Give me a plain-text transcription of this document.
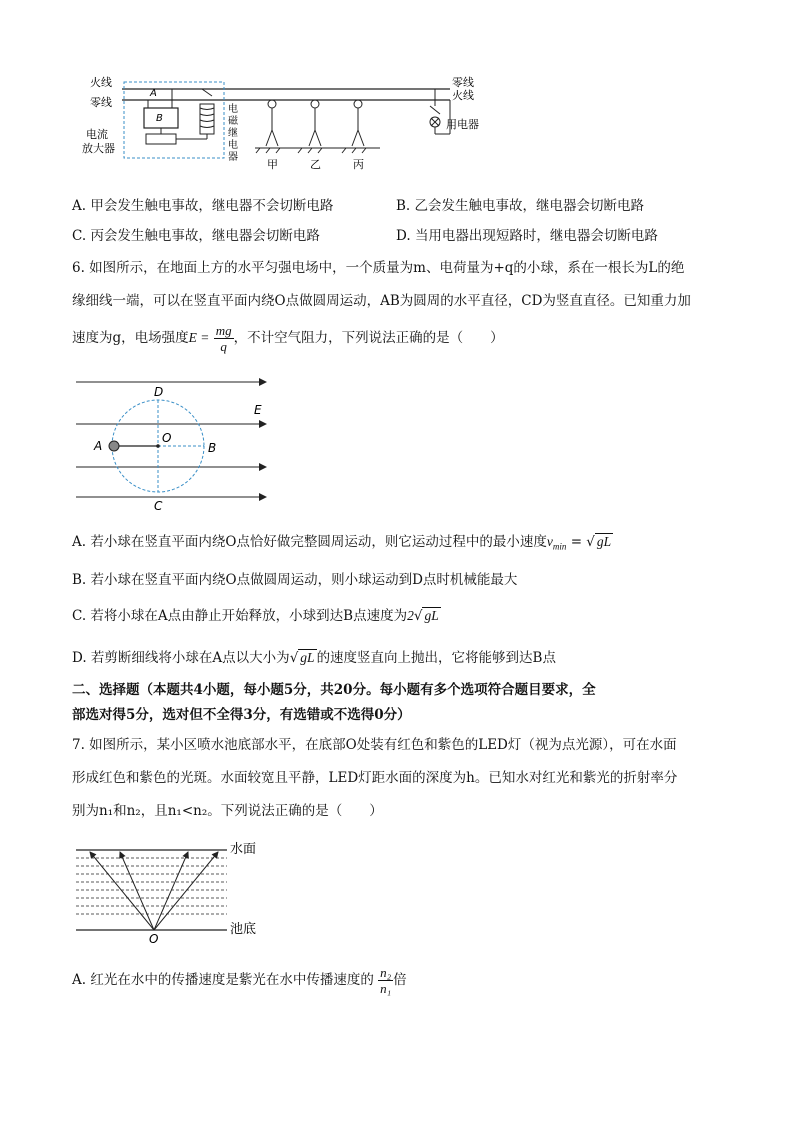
火线
零线
A
B
电流
放大器
电
磁
继
电
器
甲	乙	丙
零线
火线
用电器
A. 甲会发生触电事故，继电器不会切断电路	B. 乙会发生触电事故，继电器会切断电路
C. 丙会发生触电事故，继电器会切断电路	D. 当用电器出现短路时，继电器会切断电路
6. 如图所示，在地面上方的水平匀强电场中，一个质量为m、电荷量为+q的小球，系在一根长为L的绝
缘细线一端，可以在竖直平面内绕O点做圆周运动，AB为圆周的水平直径，CD为竖直直径。已知重力加
速度为g，电场强度$E = \frac{mg}{q}$ ，不计空气阻力，下列说法正确的是（　　）
D
E
A
O
B
C
A. 若小球在竖直平面内绕O点恰好做完整圆周运动，则它运动过程中的最小速度$v_{min}$ = √ gL
B. 若小球在竖直平面内绕O点做圆周运动，则小球运动到D点时机械能最大
C. 若将小球在A点由静止开始释放，小球到达B点速度为2√ gL
D. 若剪断细线将小球在A点以大小为√ gL 的速度竖直向上抛出，它将能够到达B点
二、选择题（本题共4小题，每小题5分，共20分。每小题有多个选项符合题目要求，全
部选对得5分，选对但不全得3分，有选错或不选得0分）
7. 如图所示，某小区喷水池底部水平，在底部O处装有红色和紫色的LED灯（视为点光源），可在水面
形成红色和紫色的光斑。水面较宽且平静，LED灯距水面的深度为h。已知水对红光和紫光的折射率分
别为n₁和n₂，且n₁<n₂。下列说法正确的是（　　）
水面
池底
O
A. 红光在水中的传播速度是紫光在水中传播速度的 $\frac{\text{n₂}}{\text{n₁}}$ 倍
